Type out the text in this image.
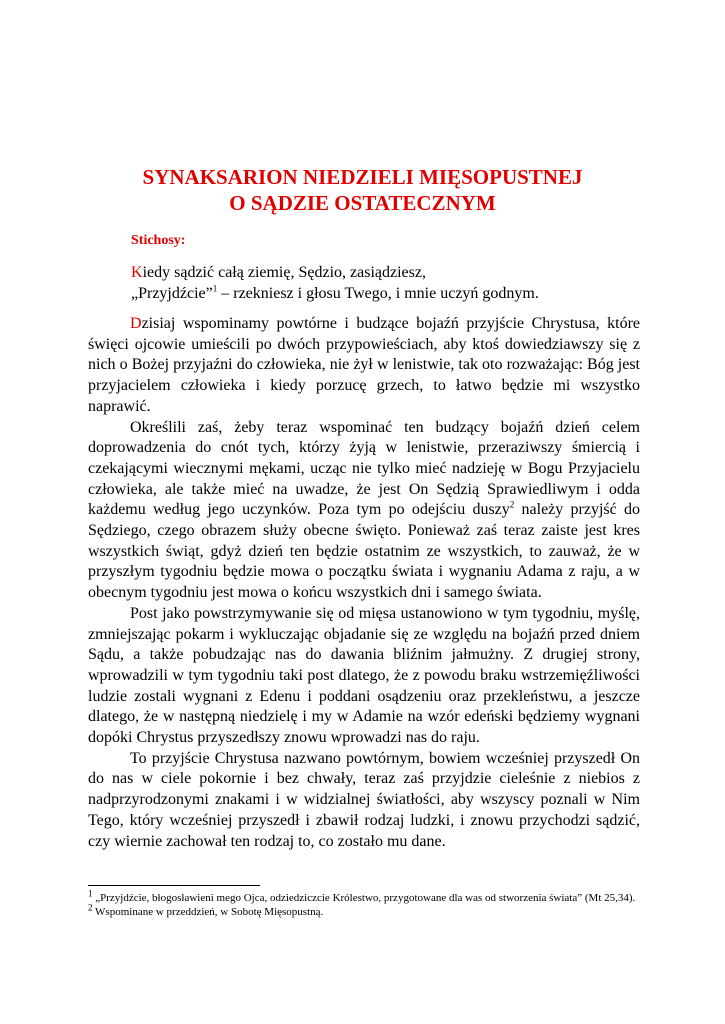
SYNAKSARION NIEDZIELI MIĘSOPUSTNEJ
O SĄDZIE OSTATECZNYM
Stichosy:
Kiedy sądzić całą ziemię, Sędzio, zasiądziesz,
„Przyjdźcie”$^1$ – rzekniesz i głosu Twego, i mnie uczyń godnym.

Dzisiaj wspominamy powtórne i budzące bojaźń przyjście Chrystusa, które święci ojcowie umieścili po dwóch przypowieściach, aby ktoś dowiedziawszy się z nich o Bożej przyjaźni do człowieka, nie żył w lenistwie, tak oto rozważając: Bóg jest przyjacielem człowieka i kiedy porzucę grzech, to łatwo będzie mi wszystko naprawić.

Określili zaś, żeby teraz wspominać ten budzący bojaźń dzień celem doprowadzenia do cnót tych, którzy żyją w lenistwie, przeraziwszy śmiercią i czekającymi wiecznymi mękami, ucząc nie tylko mieć nadzieję w Bogu Przyjacielu człowieka, ale także mieć na uwadze, że jest On Sędzią Sprawiedliwym i odda każdemu według jego uczynków. Poza tym po odejściu duszy$^2$ należy przyjść do Sędziego, czego obrazem służy obecne święto. Ponieważ zaś teraz zaiste jest kres wszystkich świąt, gdyż dzień ten będzie ostatnim ze wszystkich, to zauważ, że w przyszłym tygodniu będzie mowa o początku świata i wygnaniu Adama z raju, a w obecnym tygodniu jest mowa o końcu wszystkich dni i samego świata.

Post jako powstrzymywanie się od mięsa ustanowiono w tym tygodniu, myślę, zmniejszając pokarm i wykluczając objadanie się ze względu na bojaźń przed dniem Sądu, a także pobudzając nas do dawania bliźnim jałmużny. Z drugiej strony, wprowadzili w tym tygodniu taki post dlatego, że z powodu braku wstrzemięźliwości ludzie zostali wygnani z Edenu i poddani osądzeniu oraz przekleństwu, a jeszcze dlatego, że w następną niedzielę i my w Adamie na wzór edeński będziemy wygnani dopóki Chrystus przyszedłszy znowu wprowadzi nas do raju.

To przyjście Chrystusa nazwano powtórnym, bowiem wcześniej przyszedł On do nas w ciele pokornie i bez chwały, teraz zaś przyjdzie cieleśnie z niebios z nadprzyrodzonymi znakami i w widzialnej światłości, aby wszyscy poznali w Nim Tego, który wcześniej przyszedł i zbawił rodzaj ludzki, i znowu przychodzi sądzić, czy wiernie zachował ten rodzaj to, co zostało mu dane.

$^1$ „Przyjdźcie, błogosławieni mego Ojca, odziedziczcie Królestwo, przygotowane dla was od stworzenia świata” (Mt 25,34).
$^2$ Wspominane w przeddzień, w Sobotę Mięsopustną.
